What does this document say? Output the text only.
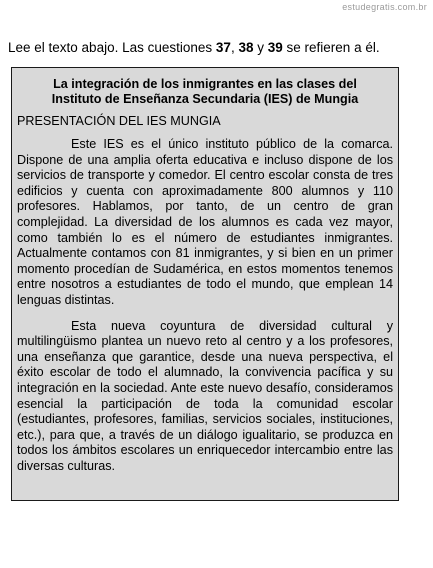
estudegratis.com.br
Lee el texto abajo. Las cuestiones 37, 38 y 39 se refieren a él.
La integración de los inmigrantes en las clases del
Instituto de Enseñanza Secundaria (IES) de Mungia
PRESENTACIÓN DEL IES MUNGIA

Este IES es el único instituto público de la comarca. Dispone de una amplia oferta educativa e incluso dispone de los servicios de transporte y comedor. El centro escolar consta de tres edificios y cuenta con aproximadamente 800 alumnos y 110 profesores. Hablamos, por tanto, de un centro de gran complejidad. La diversidad de los alumnos es cada vez mayor, como también lo es el número de estudiantes inmigrantes. Actualmente contamos con 81 inmigrantes, y si bien en un primer momento procedían de Sudamérica, en estos momentos tenemos entre nosotros a estudiantes de todo el mundo, que emplean 14 lenguas distintas.

Esta nueva coyuntura de diversidad cultural y multilingüismo plantea un nuevo reto al centro y a los profesores, una enseñanza que garantice, desde una nueva perspectiva, el éxito escolar de todo el alumnado, la convivencia pacífica y su integración en la sociedad. Ante este nuevo desafío, consideramos esencial la participación de toda la comunidad escolar (estudiantes, profesores, familias, servicios sociales, instituciones, etc.), para que, a través de un diálogo igualitario, se produzca en todos los ámbitos escolares un enriquecedor intercambio entre las diversas culturas.
